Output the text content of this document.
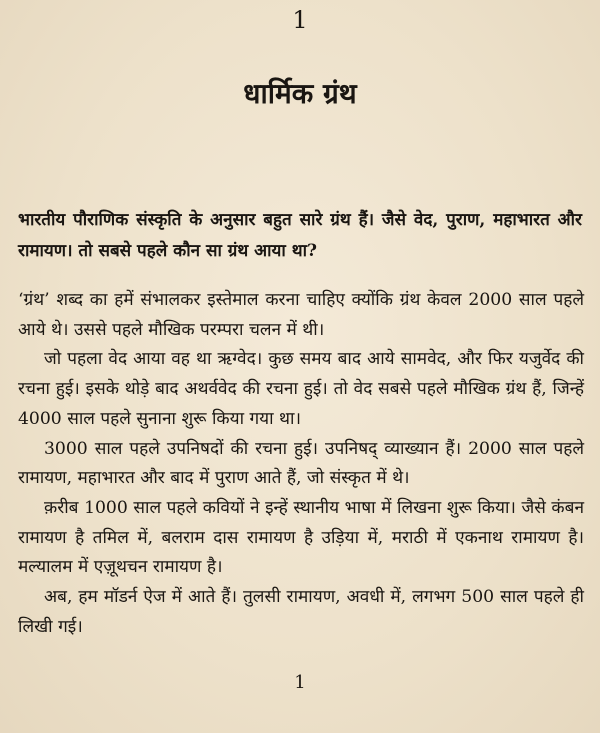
1
धार्मिक ग्रंथ
भारतीय पौराणिक संस्कृति के अनुसार बहुत सारे ग्रंथ हैं। जैसे वेद, पुराण, महाभारत और रामायण। तो सबसे पहले कौन सा ग्रंथ आया था?

‘ग्रंथ’ शब्द का हमें संभालकर इस्तेमाल करना चाहिए क्योंकि ग्रंथ केवल 2000 साल पहले आये थे। उससे पहले मौखिक परम्परा चलन में थी।

जो पहला वेद आया वह था ऋग्वेद। कुछ समय बाद आये सामवेद, और फिर यजुर्वेद की रचना हुई। इसके थोड़े बाद अथर्ववेद की रचना हुई। तो वेद सबसे पहले मौखिक ग्रंथ हैं, जिन्हें 4000 साल पहले सुनाना शुरू किया गया था।

3000 साल पहले उपनिषदों की रचना हुई। उपनिषद् व्याख्यान हैं। 2000 साल पहले रामायण, महाभारत और बाद में पुराण आते हैं, जो संस्कृत में थे।

क़रीब 1000 साल पहले कवियों ने इन्हें स्थानीय भाषा में लिखना शुरू किया। जैसे कंबन रामायण है तमिल में, बलराम दास रामायण है उड़िया में, मराठी में एकनाथ रामायण है। मल्यालम में एज़ूथचन रामायण है।

अब, हम मॉडर्न ऐज में आते हैं। तुलसी रामायण, अवधी में, लगभग 500 साल पहले ही लिखी गई।

1
